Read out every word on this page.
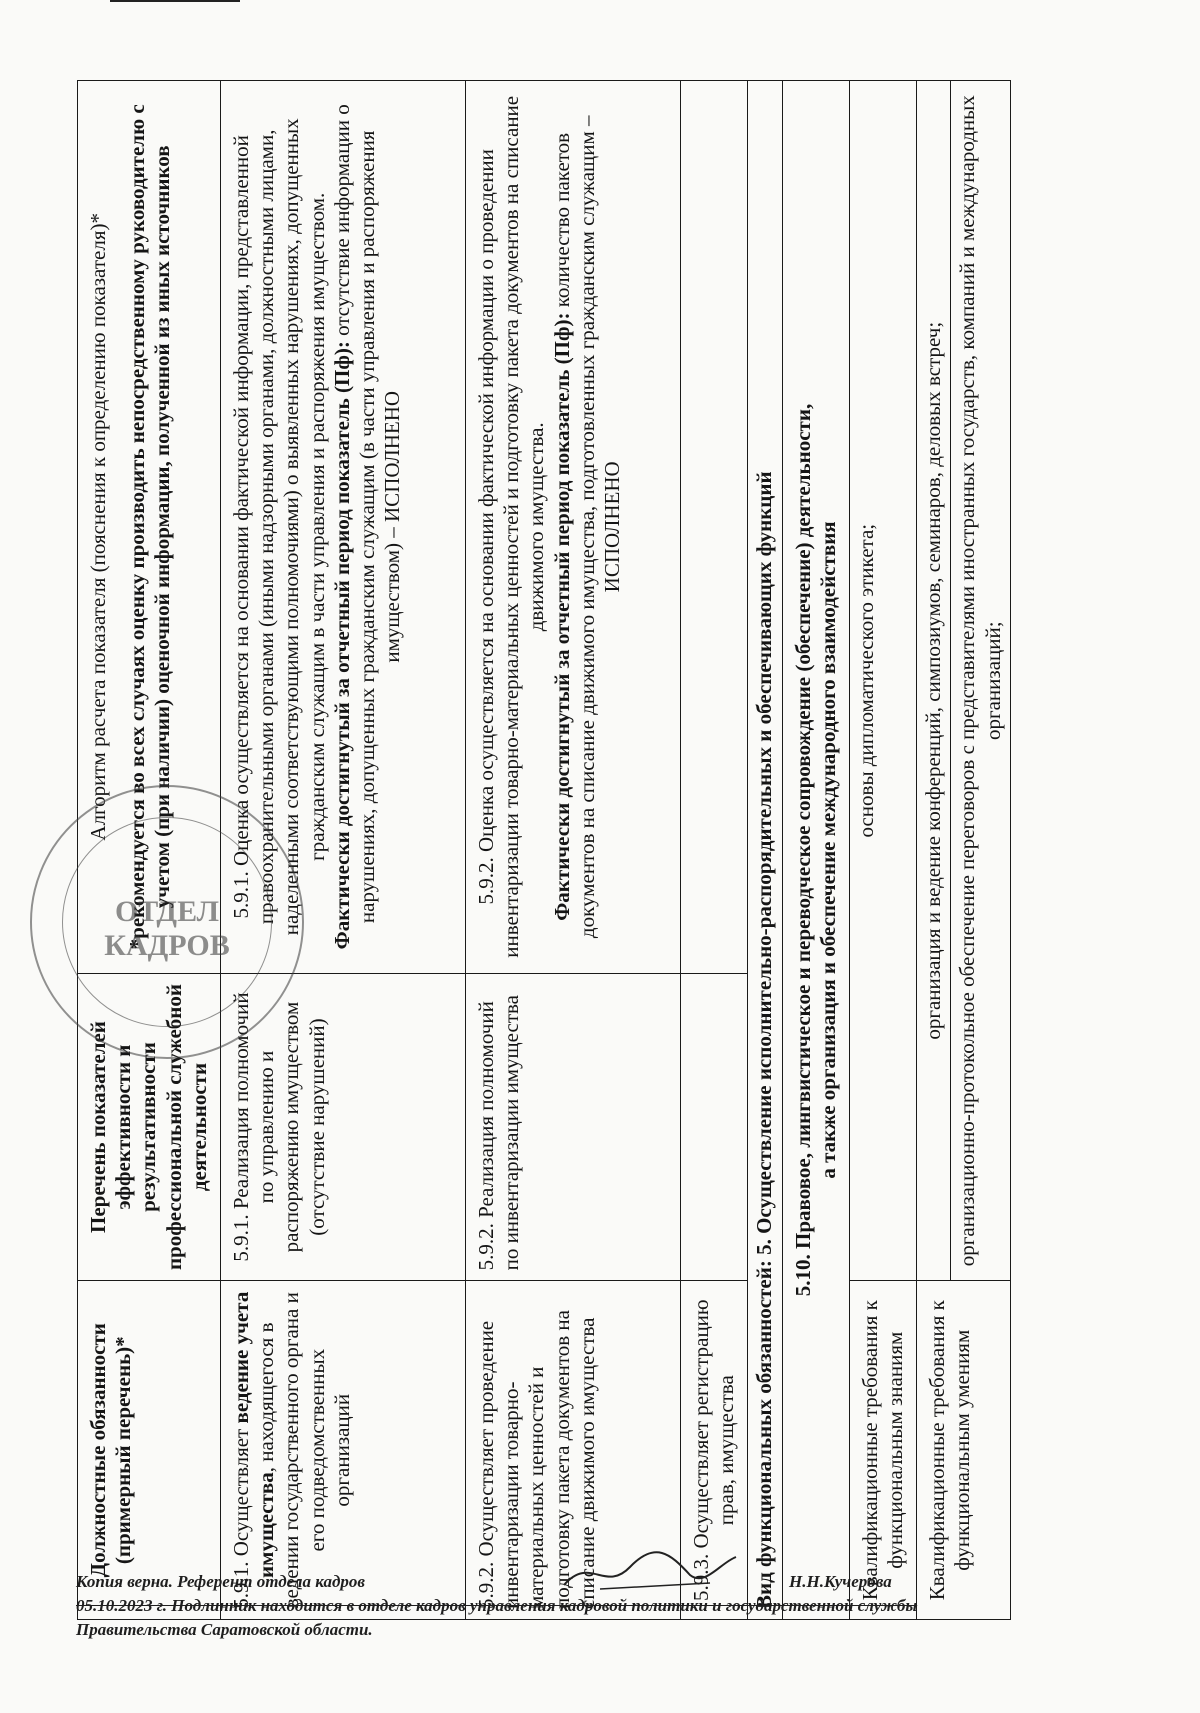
Должностные обязанности (примерный перечень)*	Перечень показателей эффективности и результативности профессиональной служебной деятельности	Алгоритм расчета показателя (пояснения к определению показателя)* *рекомендуется во всех случаях оценку производить непосредственному руководителю с учетом (при наличии) оценочной информации, полученной из иных источников

5.9.1. Осуществляет ведение учета имущества, находящегося в ведении государственного органа и его подведомственных организаций	5.9.1. Реализация полномочий по управлению и распоряжению имуществом (отсутствие нарушений)	5.9.1. Оценка осуществляется на основании фактической информации, представленной правоохранительными органами (иными надзорными органами, должностными лицами, наделенными соответствующими полномочиями) о выявленных нарушениях, допущенных гражданским служащим в части управления и распоряжения имуществом.
Фактически достигнутый за отчетный период показатель (Пф): отсутствие информации о нарушениях, допущенных гражданским служащим (в части управления и распоряжения имуществом) – ИСПОЛНЕНО
5.9.2. Осуществляет проведение инвентаризации товарно-материальных ценностей и подготовку пакета документов на списание движимого имущества	5.9.2. Реализация полномочий по инвентаризации имущества	5.9.2. Оценка осуществляется на основании фактической информации о проведении инвентаризации товарно-материальных ценностей и подготовку пакета документов на списание движимого имущества.
Фактически достигнутый за отчетный период показатель (Пф): количество пакетов документов на списание движимого имущества, подготовленных гражданским служащим – ИСПОЛНЕНО
5.9.3. Осуществляет регистрацию прав, имущества		
Вид функциональных обязанностей: 5. Осуществление исполнительно-распорядительных и обеспечивающих функций		

5.10. Правовое, лингвистическое и переводческое сопровождение (обеспечение) деятельности, а также организация и обеспечение международного взаимодействия		

Квалификационные требования к функциональным знаниям	основы дипломатического этикета;	
Квалификационные требования к функциональным умениям	организация и ведение конференций, симпозиумов, семинаров, деловых встреч;	
	организационно-протокольное обеспечение переговоров с представителями иностранных государств, компаний и международных организаций;	
ОТДЕЛ
КАДРОВ
Копия верна. Референт отдела кадров	Н.Н.Кучерова
05.10.2023 г. Подлинник находится в отделе кадров управления кадровой политики и государственной службы
Правительства Саратовской области.
